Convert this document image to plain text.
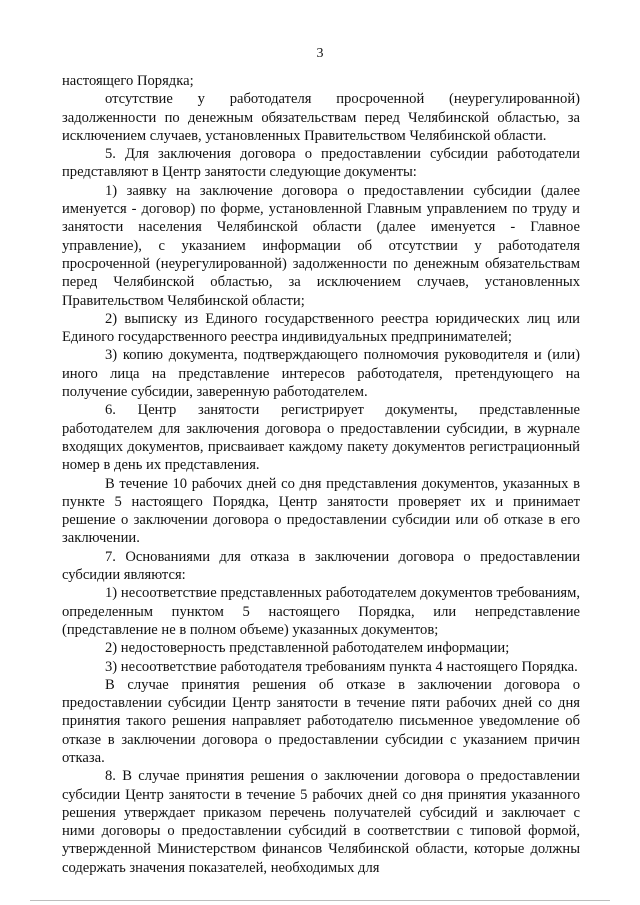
3

настоящего Порядка;

отсутствие у работодателя просроченной (неурегулированной) задолженности по денежным обязательствам перед Челябинской областью, за исключением случаев, установленных Правительством Челябинской области.

5. Для заключения договора о предоставлении субсидии работодатели представляют в Центр занятости следующие документы:

1) заявку на заключение договора о предоставлении субсидии (далее именуется - договор) по форме, установленной Главным управлением по труду и занятости населения Челябинской области (далее именуется - Главное управление), с указанием информации об отсутствии у работодателя просроченной (неурегулированной) задолженности по денежным обязательствам перед Челябинской областью, за исключением случаев, установленных Правительством Челябинской области;

2) выписку из Единого государственного реестра юридических лиц или Единого государственного реестра индивидуальных предпринимателей;

3) копию документа, подтверждающего полномочия руководителя и (или) иного лица на представление интересов работодателя, претендующего на получение субсидии, заверенную работодателем.

6. Центр занятости регистрирует документы, представленные работодателем для заключения договора о предоставлении субсидии, в журнале входящих документов, присваивает каждому пакету документов регистрационный номер в день их представления.

В течение 10 рабочих дней со дня представления документов, указанных в пункте 5 настоящего Порядка, Центр занятости проверяет их и принимает решение о заключении договора о предоставлении субсидии или об отказе в его заключении.

7. Основаниями для отказа в заключении договора о предоставлении субсидии являются:

1) несоответствие представленных работодателем документов требованиям, определенным пунктом 5 настоящего Порядка, или непредставление (представление не в полном объеме) указанных документов;

2) недостоверность представленной работодателем информации;

3) несоответствие работодателя требованиям пункта 4 настоящего Порядка.

В случае принятия решения об отказе в заключении договора о предоставлении субсидии Центр занятости в течение пяти рабочих дней со дня принятия такого решения направляет работодателю письменное уведомление об отказе в заключении договора о предоставлении субсидии с указанием причин отказа.

8. В случае принятия решения о заключении договора о предоставлении субсидии Центр занятости в течение 5 рабочих дней со дня принятия указанного решения утверждает приказом перечень получателей субсидий и заключает с ними договоры о предоставлении субсидий в соответствии с типовой формой, утвержденной Министерством финансов Челябинской области, которые должны содержать значения показателей, необходимых для
